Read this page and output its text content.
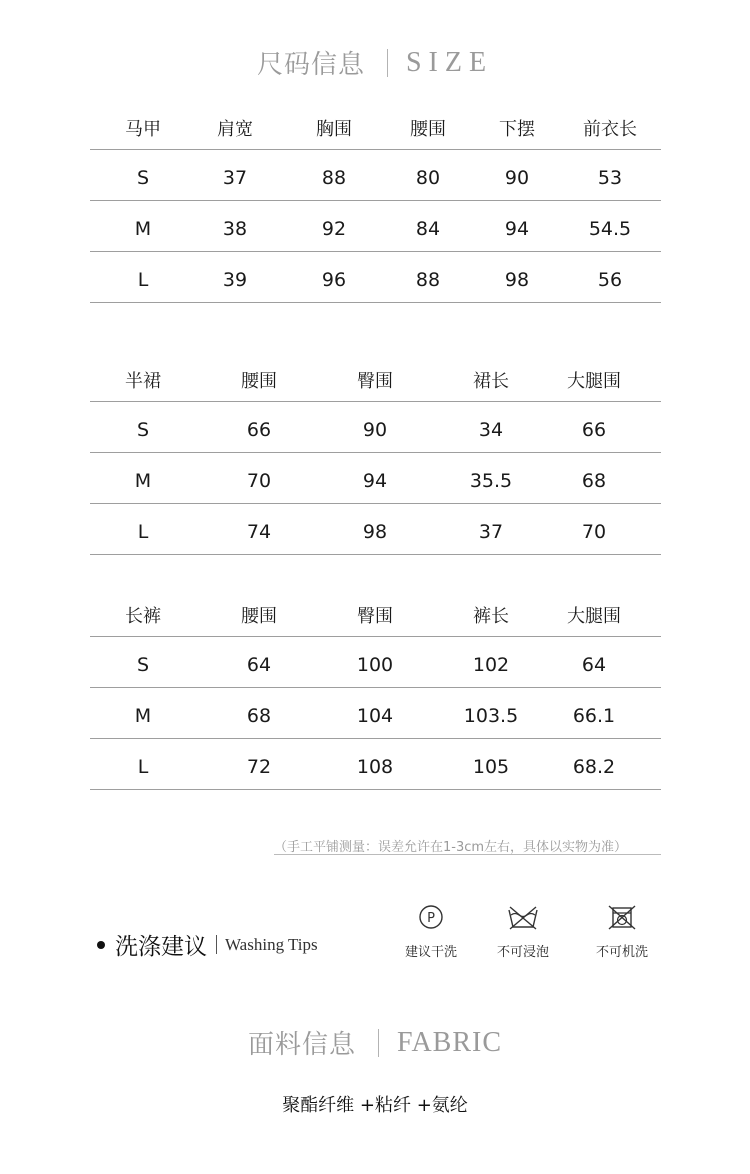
尺码信息 SIZE
马甲	肩宽	胸围	腰围	下摆	前衣长
S	37	88	80	90	53
M	38	92	84	94	54.5
L	39	96	88	98	56
半裙	腰围	臀围	裙长	大腿围
S	66	90	34	66
M	70	94	35.5	68
L	74	98	37	70
长裤	腰围	臀围	裤长	大腿围
S	64	100	102	64
M	68	104	103.5	66.1
L	72	108	105	68.2
（手工平铺测量：误差允许在1-3cm左右，具体以实物为准）
洗涤建议 Washing Tips
P
建议干洗	不可浸泡	不可机洗
面料信息 FABRIC
聚酯纤维 +粘纤 +氨纶
